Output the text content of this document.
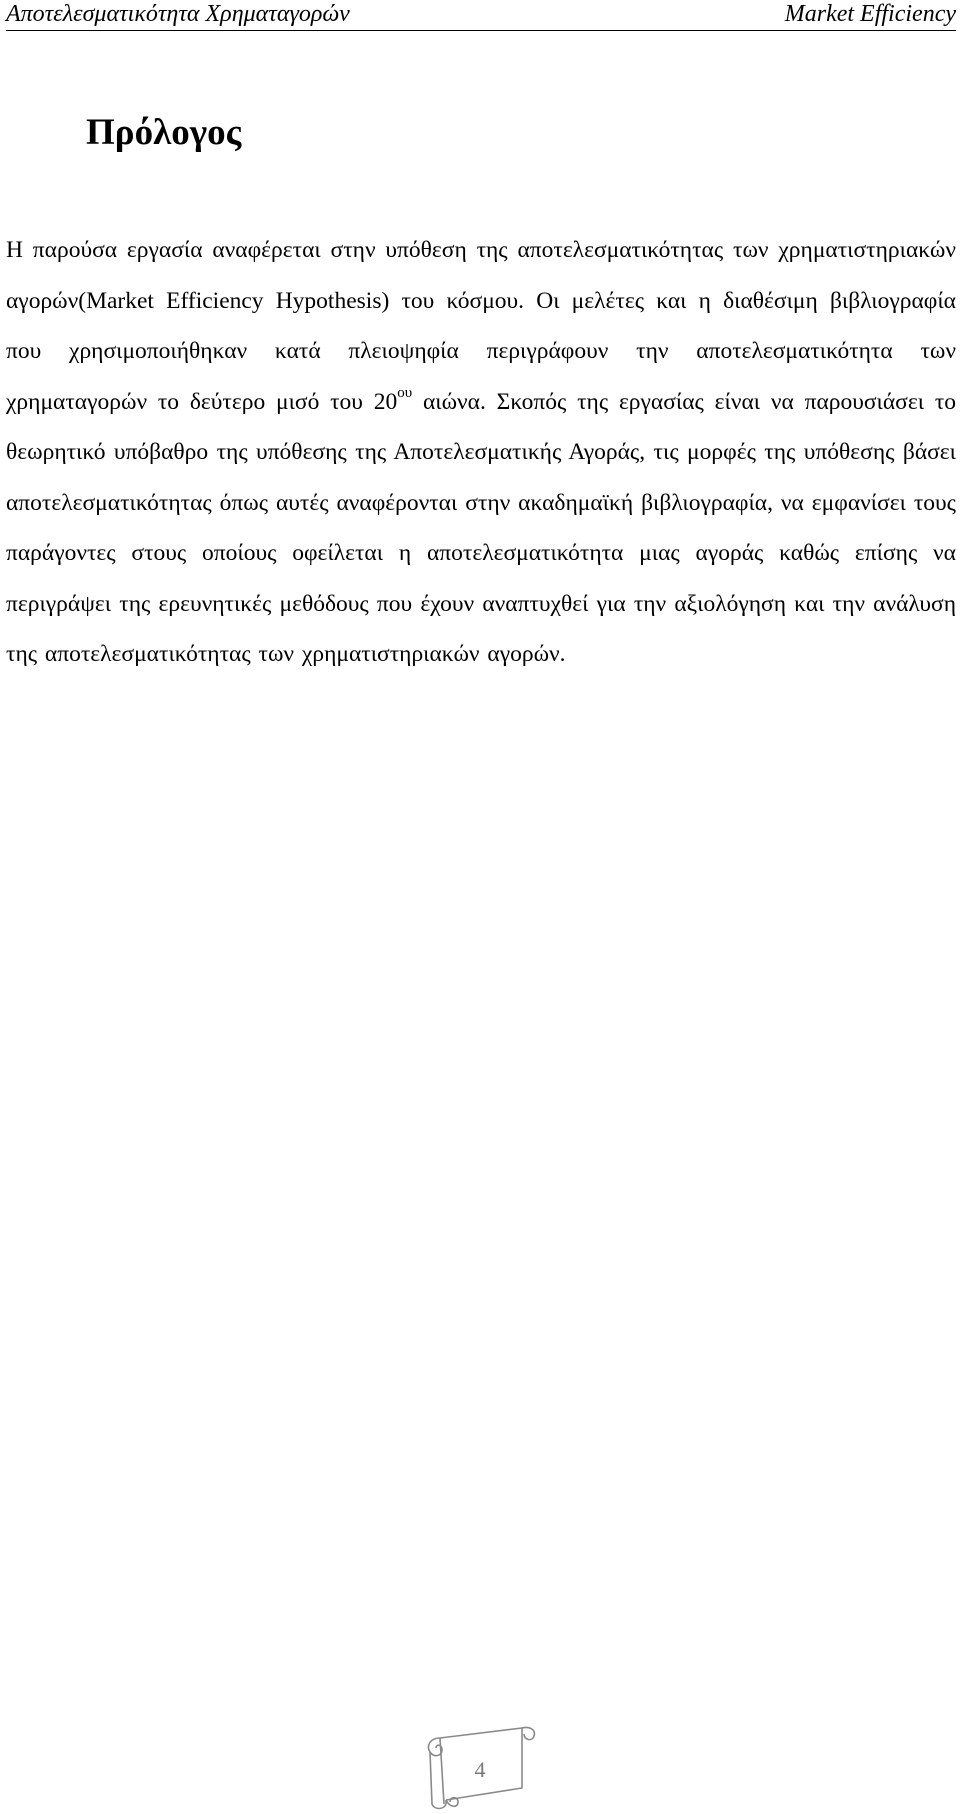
Αποτελεσματικότητα Χρηματαγορών	Market Efficiency
Πρόλογος

Η παρούσα εργασία αναφέρεται στην υπόθεση της αποτελεσματικότητας των χρηματιστηριακών αγορών(Market Efficiency Hypothesis) του κόσμου. Οι μελέτες και η διαθέσιμη βιβλιογραφία που χρησιμοποιήθηκαν κατά πλειοψηφία περιγράφουν την αποτελεσματικότητα των χρηματαγορών το δεύτερο μισό του $20^{o\upsilon}$ αιώνα. Σκοπός της εργασίας είναι να παρουσιάσει το θεωρητικό υπόβαθρο της υπόθεσης της Αποτελεσματικής Αγοράς, τις μορφές της υπόθεσης βάσει αποτελεσματικότητας όπως αυτές αναφέρονται στην ακαδημαϊκή βιβλιογραφία, να εμφανίσει τους παράγοντες στους οποίους οφείλεται η αποτελεσματικότητα μιας αγοράς καθώς επίσης να περιγράψει της ερευνητικές μεθόδους που έχουν αναπτυχθεί για την αξιολόγηση και την ανάλυση της αποτελεσματικότητας των χρηματιστηριακών αγορών.

4
